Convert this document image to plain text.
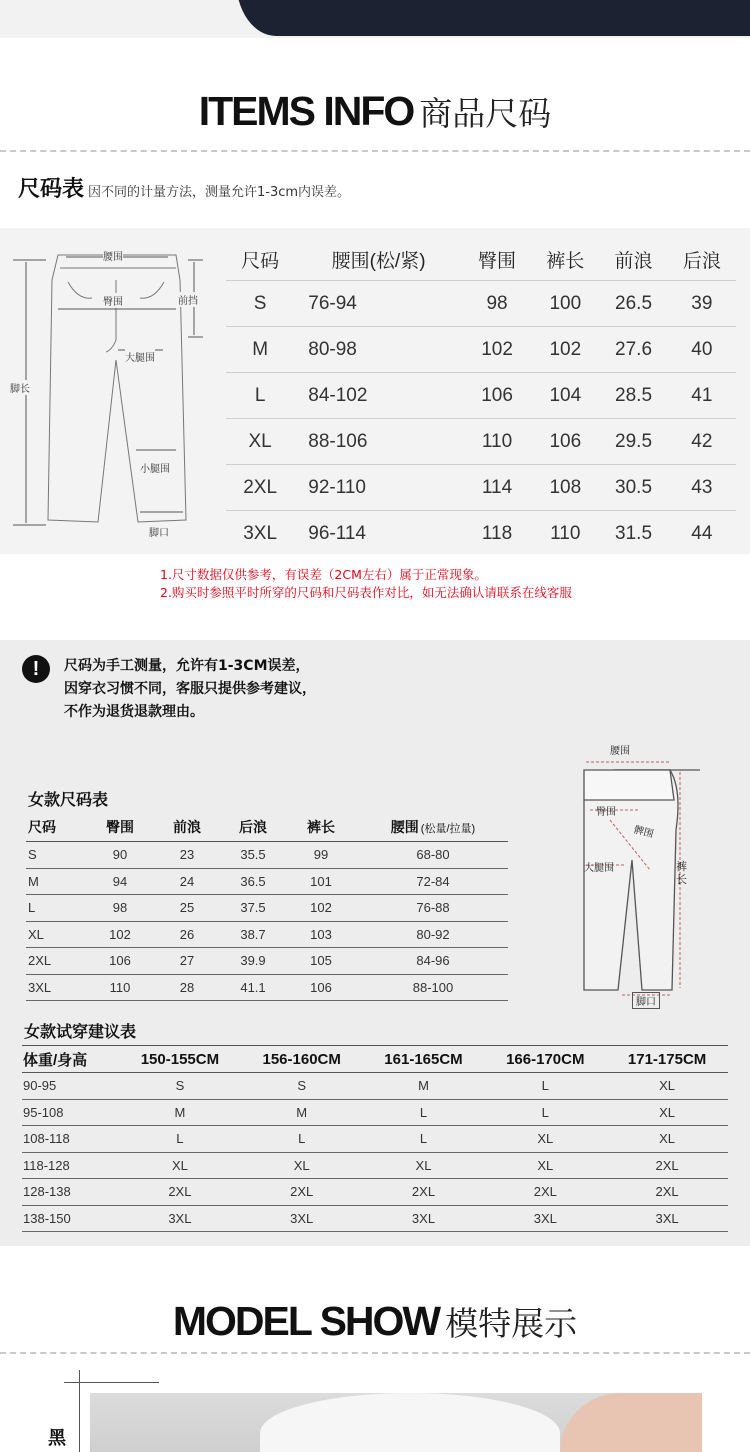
ITEMS INFO 商品尺码
尺码表 因不同的计量方法，测量允许1-3cm内误差。
腰围
臀围	前挡
大腿围
小腿围
脚口
脚长
尺码	腰围(松/紧)	臀围	裤长	前浪	后浪
S	76-94	98	100	26.5	39
M	80-98	102	102	27.6	40
L	84-102	106	104	28.5	41
XL	88-106	110	106	29.5	42
2XL	92-110	114	108	30.5	43
3XL	96-114	118	110	31.5	44
1.尺寸数据仅供参考，有误差（2CM左右）属于正常现象。
2.购买时参照平时所穿的尺码和尺码表作对比，如无法确认请联系在线客服
!	尺码为手工测量，允许有1-3CM误差，
因穿衣习惯不同，客服只提供参考建议，
不作为退货退款理由。
女款尺码表
尺码	臀围	前浪	后浪	裤长	腰围 (松量/拉量)
S	90	23	35.5	99	68-80
M	94	24	36.5	101	72-84
L	98	25	37.5	102	76-88
XL	102	26	38.7	103	80-92
2XL	106	27	39.9	105	84-96
3XL	110	28	41.1	106	88-100
腰围
臀围
髀围
大腿围	裤长
脚口
女款试穿建议表
体重/身高	150-155CM	156-160CM	161-165CM	166-170CM	171-175CM
90-95	S	S	M	L	XL
95-108	M	M	L	L	XL
108-118	L	L	L	XL	XL
118-128	XL	XL	XL	XL	2XL
128-138	2XL	2XL	2XL	2XL	2XL
138-150	3XL	3XL	3XL	3XL	3XL
MODEL SHOW 模特展示
黑
